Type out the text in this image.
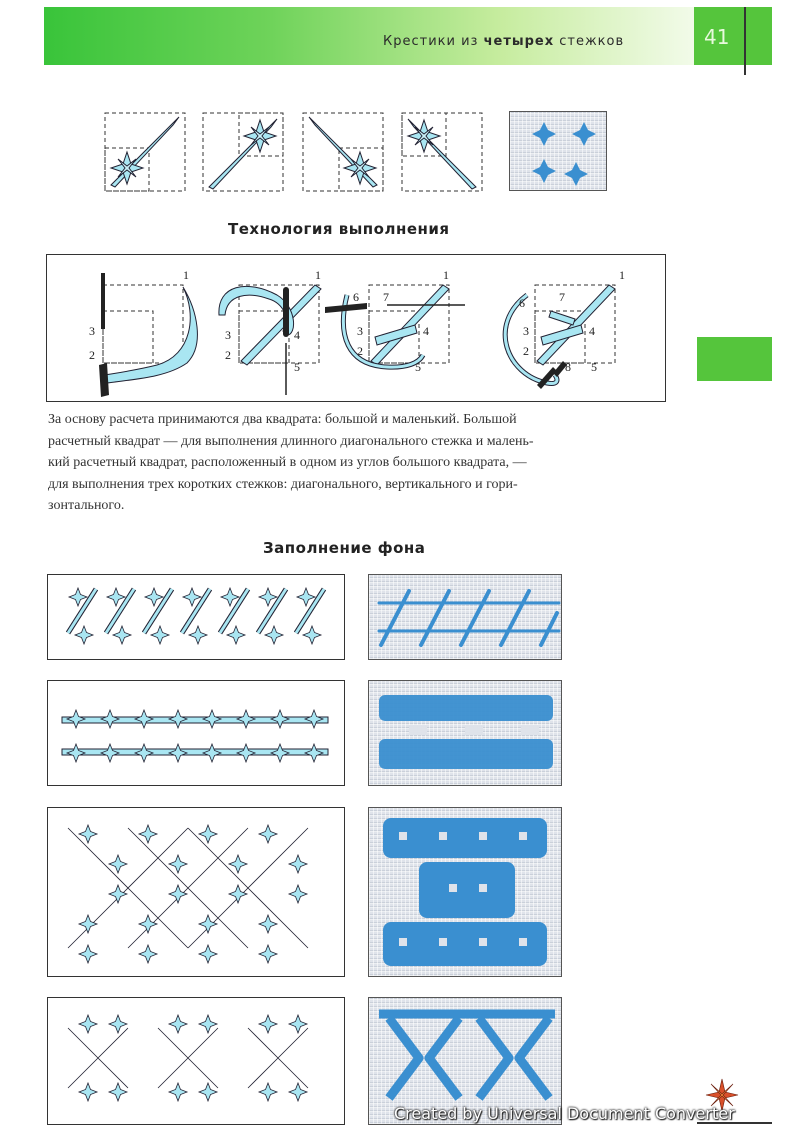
Крестики из четырех стежков	41
Технология выполнения
1
3
2
1
3
2
4
5
1
6 7
3	4
2
5
1
6	7
3	4
2
8 5
За основу расчета принимаются два квадрата: большой и маленький. Большой
расчетный квадрат — для выполнения длинного диагонального стежка и малень-
кий расчетный квадрат, расположенный в одном из углов большого квадрата, —
для выполнения трех коротких стежков: диагонального, вертикального и гори-
зонтального.
Заполнение фона
Created by Universal Document Converter
